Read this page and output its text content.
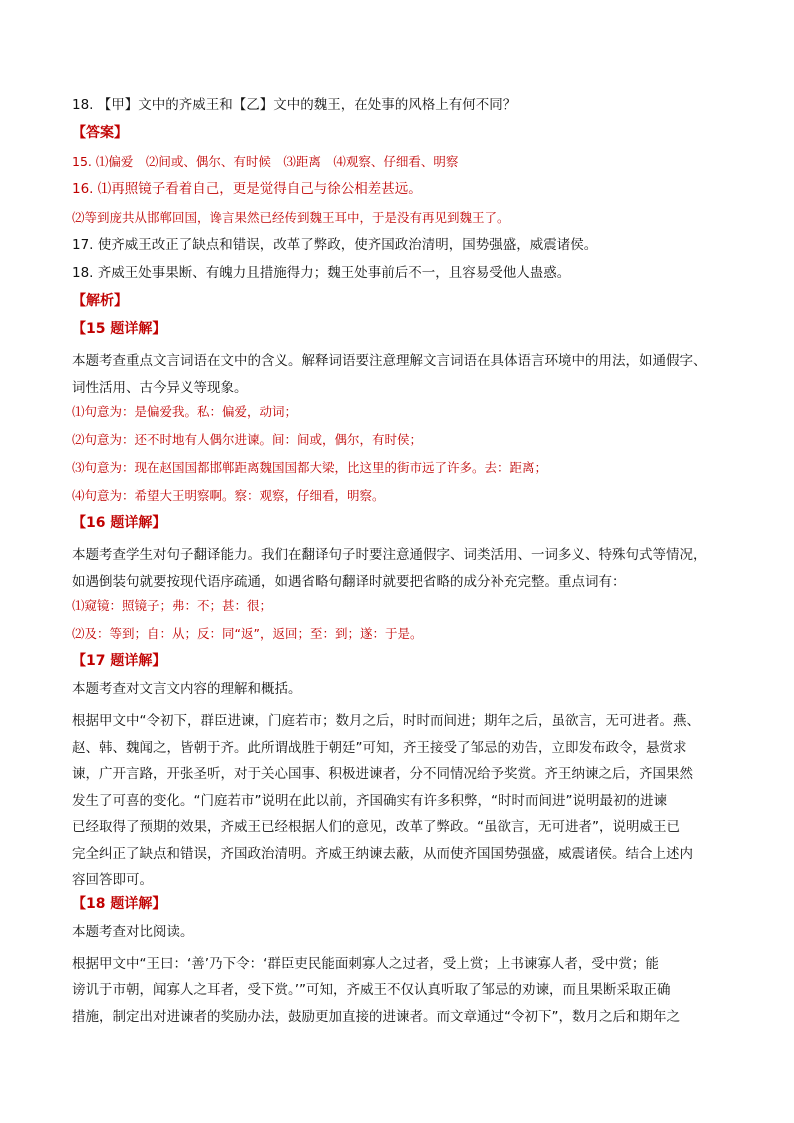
18. 【甲】文中的齐威王和【乙】文中的魏王，在处事的风格上有何不同？
【答案】
15. ⑴偏爱　⑵间或、偶尔、有时候　⑶距离　⑷观察、仔细看、明察
16. ⑴再照镜子看着自己，更是觉得自己与徐公相差甚远。
⑵等到庞共从邯郸回国，谗言果然已经传到魏王耳中，于是没有再见到魏王了。
17. 使齐威王改正了缺点和错误，改革了弊政，使齐国政治清明，国势强盛，威震诸侯。
18. 齐威王处事果断、有魄力且措施得力；魏王处事前后不一，且容易受他人蛊惑。
【解析】
【15 题详解】
本题考查重点文言词语在文中的含义。解释词语要注意理解文言词语在具体语言环境中的用法，如通假字、
词性活用、古今异义等现象。
⑴句意为：是偏爱我。私：偏爱，动词；
⑵句意为：还不时地有人偶尔进谏。间：间或，偶尔，有时侯；
⑶句意为：现在赵国国都邯郸距离魏国国都大梁，比这里的街市远了许多。去：距离；
⑷句意为：希望大王明察啊。察：观察，仔细看，明察。
【16 题详解】
本题考查学生对句子翻译能力。我们在翻译句子时要注意通假字、词类活用、一词多义、特殊句式等情况，
如遇倒装句就要按现代语序疏通，如遇省略句翻译时就要把省略的成分补充完整。重点词有：
⑴窥镜：照镜子；弗：不；甚：很；
⑵及：等到；自：从；反：同“返”，返回；至：到；遂：于是。
【17 题详解】
本题考查对文言文内容的理解和概括。
根据甲文中“令初下，群臣进谏，门庭若市；数月之后，时时而间进；期年之后，虽欲言，无可进者。燕、
赵、韩、魏闻之，皆朝于齐。此所谓战胜于朝廷”可知，齐王接受了邹忌的劝告，立即发布政令，悬赏求
谏，广开言路，开张圣听，对于关心国事、积极进谏者，分不同情况给予奖赏。齐王纳谏之后，齐国果然
发生了可喜的变化。“门庭若市”说明在此以前，齐国确实有许多积弊，“时时而间进”说明最初的进谏
已经取得了预期的效果，齐威王已经根据人们的意见，改革了弊政。“虽欲言，无可进者”，说明威王已
完全纠正了缺点和错误，齐国政治清明。齐威王纳谏去蔽，从而使齐国国势强盛，威震诸侯。结合上述内
容回答即可。
【18 题详解】
本题考查对比阅读。
根据甲文中“王曰：‘善’乃下令：‘群臣吏民能面刺寡人之过者，受上赏；上书谏寡人者，受中赏；能
谤讥于市朝，闻寡人之耳者，受下赏。’”可知，齐威王不仅认真听取了邹忌的劝谏，而且果断采取正确
措施，制定出对进谏者的奖励办法，鼓励更加直接的进谏者。而文章通过“令初下”，数月之后和期年之
